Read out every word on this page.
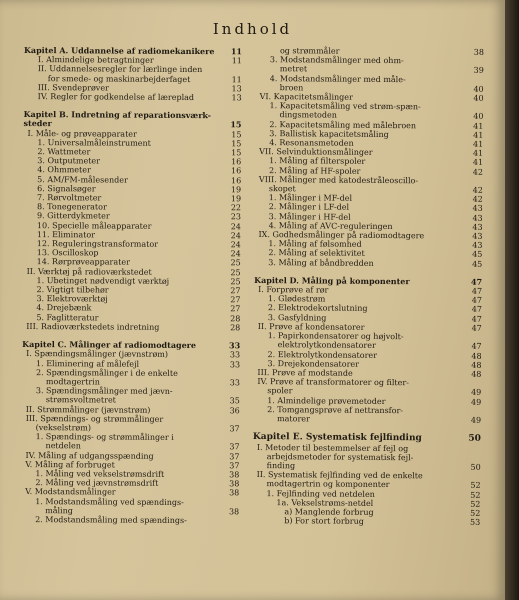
Indhold
Kapitel A. Uddannelse af radiomekanikere 11
I. Almindelige betragtninger	11
II. Uddannelsesregler for lærlinge inden
for smede- og maskinarbejderfaget	11
III. Svendeprøver	13
IV. Regler for godkendelse af læreplad	13
Kapitel B. Indretning af reparationsværk-
steder	15
I. Måle- og prøveapparater	15
1. Universalmåleinstrument	15
2. Wattmeter	15
3. Outputmeter	16
4. Ohmmeter	16
5. AM/FM-målesender	16
6. Signalsøger	19
7. Rørvoltmeter	19
8. Tonegenerator	22
9. Gitterdykmeter	23
10. Specielle måleapparater	24
11. Eliminator	24
12. Reguleringstransformator	24
13. Oscilloskop	24
14. Rørprøveapparater	25
II. Værktøj på radioværkstedet	25
1. Ubetinget nødvendigt værktøj	25
2. Vigtigt tilbehør	27
3. Elektroværktøj	27
4. Drejebænk	27
5. Faglitteratur	28
III. Radioværkstedets indretning	28
Kapitel C. Målinger af radiomodtagere	33
I. Spændingsmålinger (jævnstrøm)	33
1. Eliminering af målefejl	33
2. Spændingsmålinger i de enkelte
modtagertrin	33
3. Spændingsmålinger med jævn-
strømsvoltmetret	35
II. Strømmålinger (jævnstrøm)	36
III. Spændings- og strømmålinger
(vekselstrøm)	37
1. Spændings- og strømmålinger i
netdelen	37
IV. Måling af udgangsspænding	37
V. Måling af forbruget	37
1. Måling ved vekselstrømsdrift	38
2. Måling ved jævnstrømsdrift	38
V. Modstandsmålinger	38
1. Modstandsmåling ved spændings-
måling	38
2. Modstandsmåling med spændings-
og strømmåler	38
3. Modstandsmålinger med ohm-
metret	39
4. Modstandsmålinger med måle-
broen	40
VI. Kapacitetsmålinger	40
1. Kapacitetsmåling ved strøm-spæn-
dingsmetoden	40
2. Kapacitetsmåling med målebroen	41
3. Ballistisk kapacitetsmåling	41
4. Resonansmetoden	41
VII. Selvinduktionsmålinger	41
1. Måling af filterspoler	41
2. Måling af HF-spoler	42
VIII. Målinger med katodestråleoscillo-
skopet	42
1. Målinger i MF-del	42
2. Målinger i LF-del	43
3. Målinger i HF-del	43
4. Måling af AVC-reguleringen	43
IX. Godhedsmålinger på radiomodtagere	43
1. Måling af følsomhed	43
2. Måling af selektivitet	45
3. Måling af båndbredden	45
Kapitel D. Måling på komponenter	47
I. Forprøve af rør	47
1. Glødestrøm	47
2. Elektrodekortslutning	47
3. Gasfyldning	47
II. Prøve af kondensatorer	47
1. Papirkondensatorer og højvolt-
elektrolytkondensatorer	47
2. Elektrolytkondensatorer	48
3. Drejekondensatorer	48
III. Prøve af modstande	48
IV. Prøve af transformatorer og filter-
spoler	49
1. Almindelige prøvemetoder	49
2. Tomgangsprøve af nettransfor-
matorer	49
Kapitel E. Systematisk fejlfinding	50
I. Metoder til bestemmelser af fejl og
arbejdsmetoder for systematisk fejl-
finding	50
II. Systematisk fejlfinding ved de enkelte
modtagertrin og komponenter	52
1. Fejlfinding ved netdelen	52
1a. Vekselstrøms-netdel	52
a) Manglende forbrug	52
b) For stort forbrug	53
